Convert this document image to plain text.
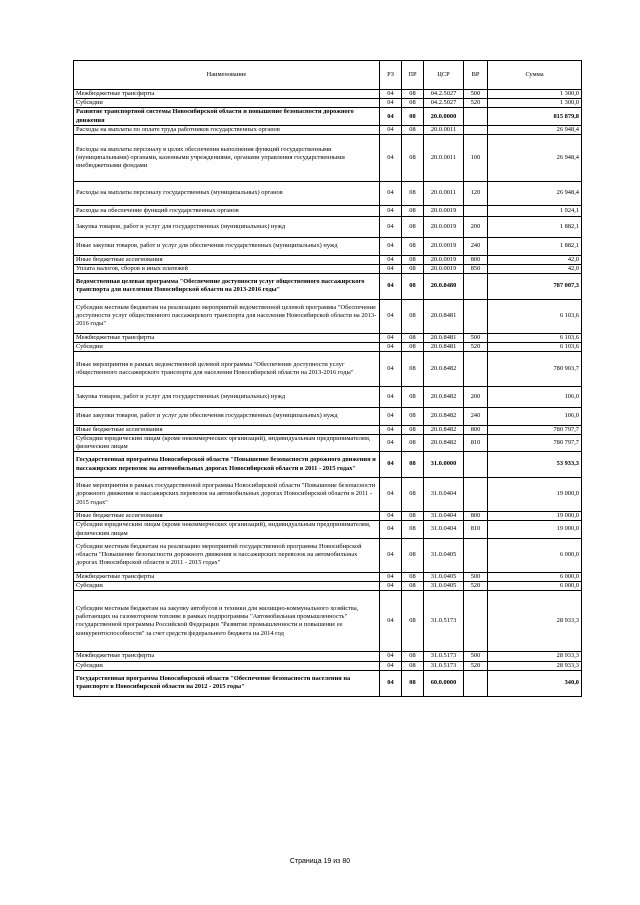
Наименование	РЗ	ПР	ЦСР	ВР	Сумма
Межбюджетные трансферты	04	08	04.2.5027	500	1 300,0
Субсидии	04	08	04.2.5027	520	1 300,0
Развитие транспортной системы Новосибирской области и повышение безопасности дорожного движения	04	08	20.0.0000		815 879,8
Расходы на выплаты по оплате труда работников государственных органов	04	08	20.0.0011		26 948,4
Расходы на выплаты персоналу в целях обеспечения выполнения функций государственными (муниципальными) органами, казенными учреждениями, органами управления государственными внебюджетными фондами	04	08	20.0.0011	100	26 948,4
Расходы на выплаты персоналу государственных (муниципальных) органов	04	08	20.0.0011	120	26 948,4
Расходы на обеспечение функций государственных органов	04	08	20.0.0019		1 924,1
Закупка товаров, работ и услуг для государственных (муниципальных) нужд	04	08	20.0.0019	200	1 882,1
Иные закупки товаров, работ и услуг для обеспечения государственных (муниципальных) нужд	04	08	20.0.0019	240	1 882,1
Иные бюджетные ассигнования	04	08	20.0.0019	800	42,0
Уплата налогов, сборов и иных платежей	04	08	20.0.0019	850	42,0
Ведомственная целевая программа "Обеспечение доступности услуг общественного пассажирского транспорта для населения Новосибирской области на 2013-2016 годы"	04	08	20.0.8480		787 007,3
Субсидии местным бюджетам на реализацию мероприятий ведомственной целевой программы "Обеспечение доступности услуг общественного пассажирского транспорта для населения Новосибирской области на 2013-2016 годы"	04	08	20.0.8481		6 103,6
Межбюджетные трансферты	04	08	20.0.8481	500	6 103,6
Субсидии	04	08	20.0.8481	520	6 103,6
Иные мероприятия в рамках ведомственной целевой программы "Обеспечение доступности услуг общественного пассажирского транспорта для населения Новосибирской области на 2013-2016 годы"	04	08	20.0.8482		780 903,7
Закупка товаров, работ и услуг для государственных (муниципальных) нужд	04	08	20.0.8482	200	106,0
Иные закупки товаров, работ и услуг для обеспечения государственных (муниципальных) нужд	04	08	20.0.8482	240	106,0
Иные бюджетные ассигнования	04	08	20.0.8482	800	780 797,7
Субсидии юридическим лицам (кроме некоммерческих организаций), индивидуальным предпринимателям, физическим лицам	04	08	20.0.8482	810	780 797,7
Государственная программа Новосибирской области "Повышение безопасности дорожного движения и пассажирских перевозок на автомобильных дорогах Новосибирской области в 2011 - 2015 годах"	04	08	31.0.0000		53 933,3
Иные мероприятия в рамках государственной программы Новосибирской области "Повышение безопасности дорожного движения и пассажирских перевозок на автомобильных дорогах Новосибирской области в 2011 - 2015 годах"	04	08	31.0.0404		19 000,0
Иные бюджетные ассигнования	04	08	31.0.0404	800	19 000,0
Субсидии юридическим лицам (кроме некоммерческих организаций), индивидуальным предпринимателям, физическим лицам	04	08	31.0.0404	810	19 000,0
Субсидии местным бюджетам на реализацию мероприятий государственной программы Новосибирской области "Повышение безопасности дорожного движения и пассажирских перевозок на автомобильных дорогах Новосибирской области в 2011 - 2015 годах"	04	08	31.0.0405		6 000,0
Межбюджетные трансферты	04	08	31.0.0405	500	6 000,0
Субсидии	04	08	31.0.0405	520	6 000,0
Субсидии местным бюджетам на закупку автобусов и техники для жилищно-коммунального хозяйства, работающих на газомоторном топливе в рамках подпрограммы "Автомобильная промышленность" государственной программы Российской Федерации "Развитие промышленности и повышение ее конкурентоспособности" за счет средств федерального бюджета на 2014 год	04	08	31.0.5173		28 933,3
Межбюджетные трансферты	04	08	31.0.5173	500	28 933,3
Субсидии	04	08	31.0.5173	520	28 933,3
Государственная программа Новосибирской области "Обеспечение безопасности населения на транспорте в Новосибирской области на 2012 - 2015 годы"	04	08	60.0.0000		340,0
Страница 19 из 80
